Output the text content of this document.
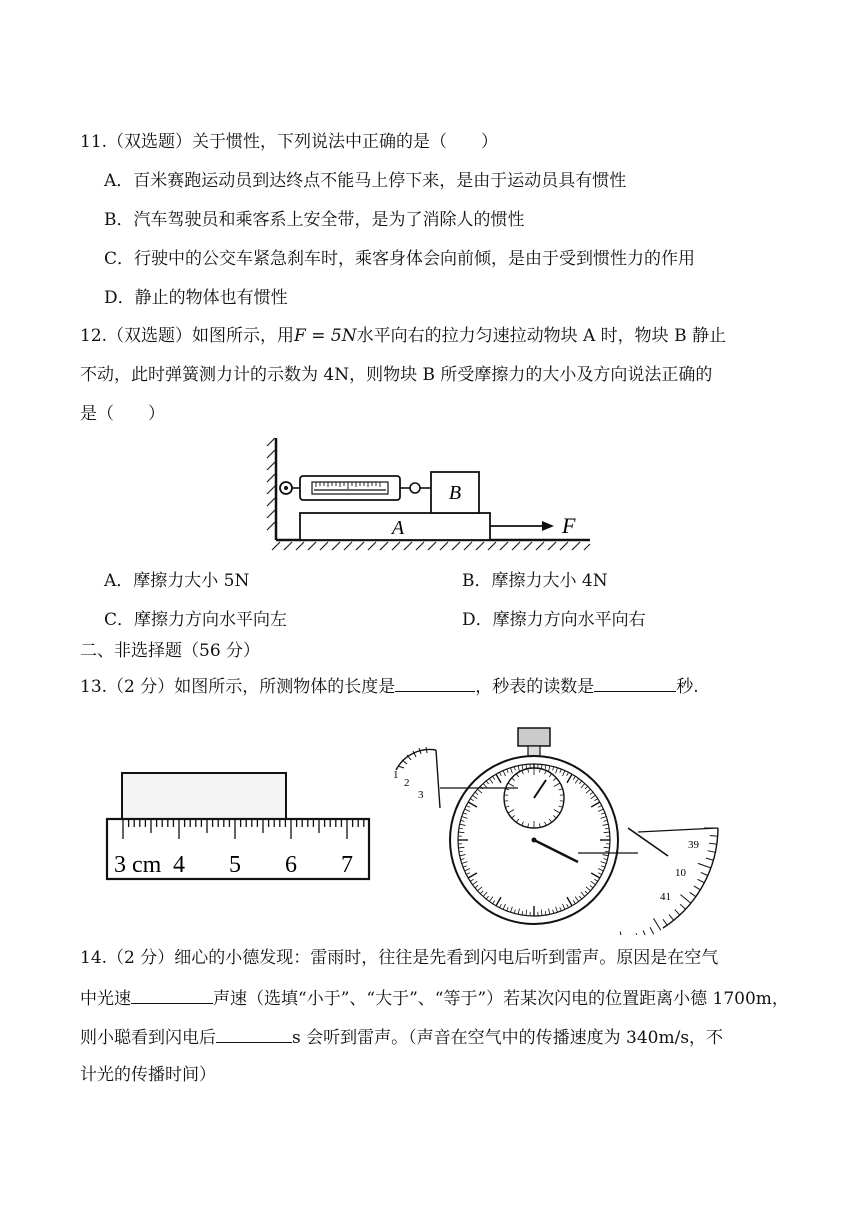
11.（双选题）关于惯性，下列说法中正确的是（　　）
A．百米赛跑运动员到达终点不能马上停下来，是由于运动员具有惯性
B．汽车驾驶员和乘客系上安全带，是为了消除人的惯性
C．行驶中的公交车紧急刹车时，乘客身体会向前倾，是由于受到惯性力的作用
D．静止的物体也有惯性
12.（双选题）如图所示，用F = 5N水平向右的拉力匀速拉动物块 A 时，物块 B 静止
不动，此时弹簧测力计的示数为 4N，则物块 B 所受摩擦力的大小及方向说法正确的
是（　　）
A
B
F
A．摩擦力大小 5N	B．摩擦力大小 4N
C．摩擦力方向水平向左	D．摩擦力方向水平向右
二、非选择题（56 分）
13.（2 分）如图所示，所测物体的长度是	，秒表的读数是	秒.
3 cm 4 5 6 7
1
2
3
39
10
41
14.（2 分）细心的小德发现：雷雨时，往往是先看到闪电后听到雷声。原因是在空气
中光速	声速（选填“小于”、“大于”、“等于”）若某次闪电的位置距离小德 1700m，
则小聪看到闪电后	s 会听到雷声。（声音在空气中的传播速度为 340m/s，不
计光的传播时间）
